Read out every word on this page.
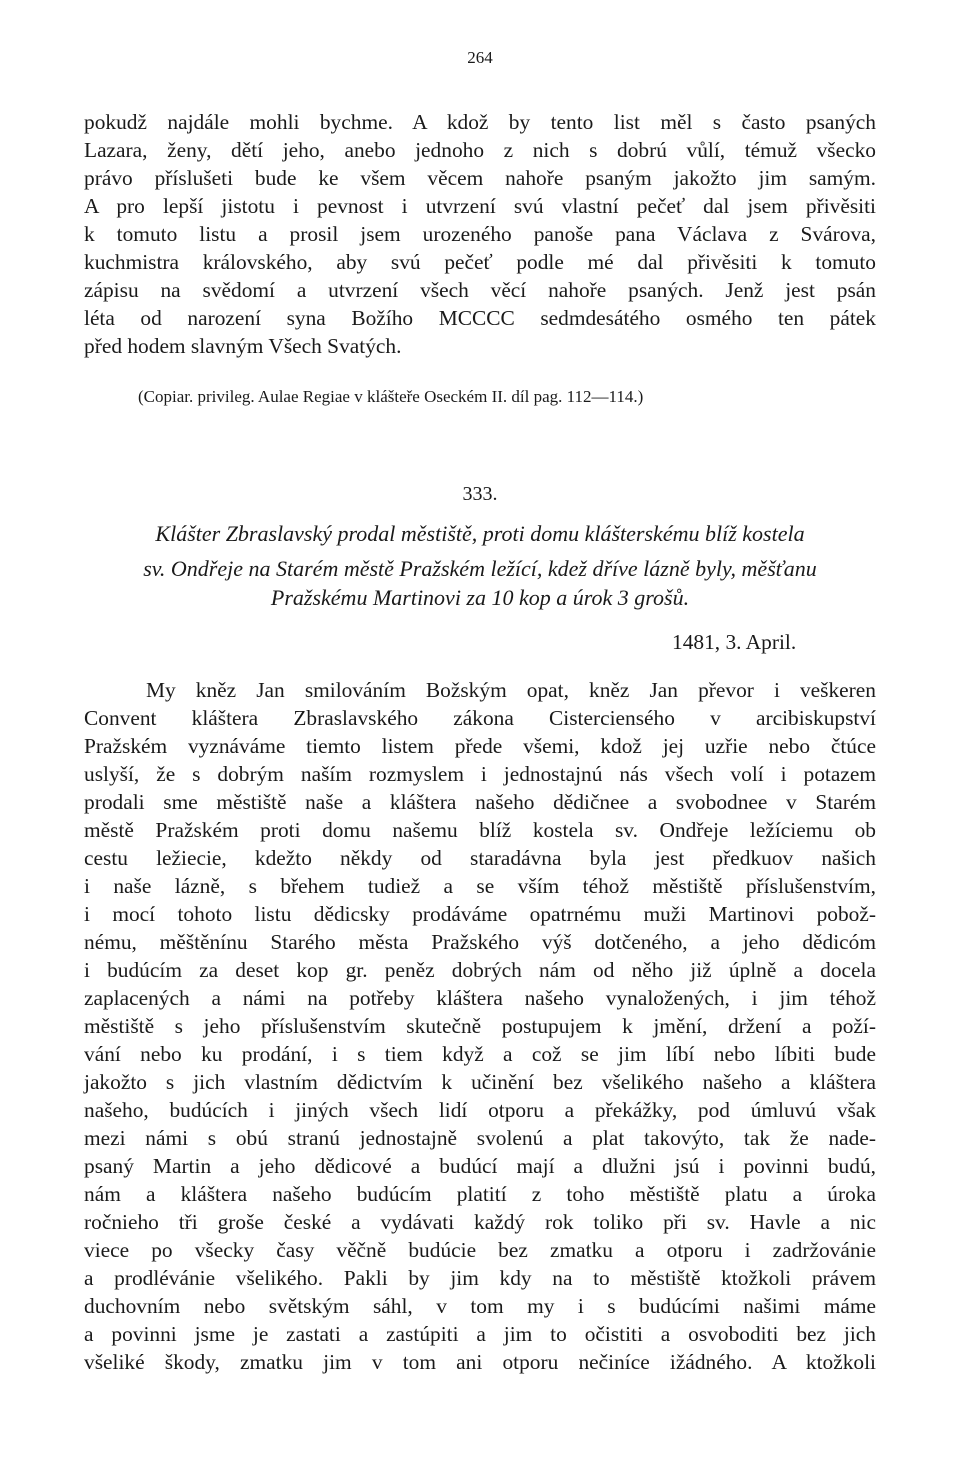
264
pokudž najdále mohli bychme. A kdož by tento list měl s často psaných
Lazara, ženy, dětí jeho, anebo jednoho z nich s dobrú vůlí, témuž všecko
právo příslušeti bude ke všem věcem nahoře psaným jakožto jim samým.
A pro lepší jistotu i pevnost i utvrzení svú vlastní pečeť dal jsem přivěsiti
k tomuto listu a prosil jsem urozeného panoše pana Václava z Svárova,
kuchmistra královského, aby svú pečeť podle mé dal přivěsiti k tomuto
zápisu na svědomí a utvrzení všech věcí nahoře psaných. Jenž jest psán
léta od narození syna Božího MCCCC sedmdesátého osmého ten pátek
před hodem slavným Všech Svatých.
(Copiar. privileg. Aulae Regiae v klášteře Oseckém II. díl pag. 112—114.)
333.
Klášter Zbraslavský prodal městiště, proti domu klášterskému blíž kostela
sv. Ondřeje na Starém městě Pražském ležící, kdež dříve lázně byly, měšťanu
Pražskému Martinovi za 10 kop a úrok 3 grošů.
1481, 3. April.
My kněz Jan smilováním Božským opat, kněz Jan převor i veškeren
Convent kláštera Zbraslavského zákona Cisterciensého v arcibiskupství
Pražském vyznáváme tiemto listem přede všemi, kdož jej uzřie nebo čtúce
uslyší, že s dobrým naším rozmyslem i jednostajnú nás všech volí i potazem
prodali sme městiště naše a kláštera našeho dědičnee a svobodnee v Starém
městě Pražském proti domu našemu blíž kostela sv. Ondřeje ležíciemu ob
cestu ležiecie, kdežto někdy od staradávna byla jest předkuov našich
i naše lázně, s břehem tudiež a se vším téhož městiště příslušenstvím,
i mocí tohoto listu dědicsky prodáváme opatrnému muži Martinovi pobož-
nému, měštěnínu Starého města Pražského výš dotčeného, a jeho dědicóm
i budúcím za deset kop gr. peněz dobrých nám od něho již úplně a docela
zaplacených a námi na potřeby kláštera našeho vynaložených, i jim téhož
městiště s jeho příslušenstvím skutečně postupujem k jmění, držení a poží-
vání nebo ku prodání, i s tiem když a což se jim líbí nebo líbiti bude
jakožto s jich vlastním dědictvím k učinění bez všelikého našeho a kláštera
našeho, budúcích i jiných všech lidí otporu a překážky, pod úmluvú však
mezi námi s obú stranú jednostajně svolenú a plat takovýto, tak že nade-
psaný Martin a jeho dědicové a budúcí mají a dlužni jsú i povinni budú,
nám a kláštera našeho budúcím platití z toho městiště platu a úroka
ročnieho tři groše české a vydávati každý rok toliko při sv. Havle a nic
viece po všecky časy věčně budúcie bez zmatku a otporu i zadržovánie
a prodlévánie všelikého. Pakli by jim kdy na to městiště ktožkoli právem
duchovním nebo světským sáhl, v tom my i s budúcími našimi máme
a povinni jsme je zastati a zastúpiti a jim to očistiti a osvoboditi bez jich
všeliké škody, zmatku jim v tom ani otporu nečiníce ižádného. A ktožkoli
